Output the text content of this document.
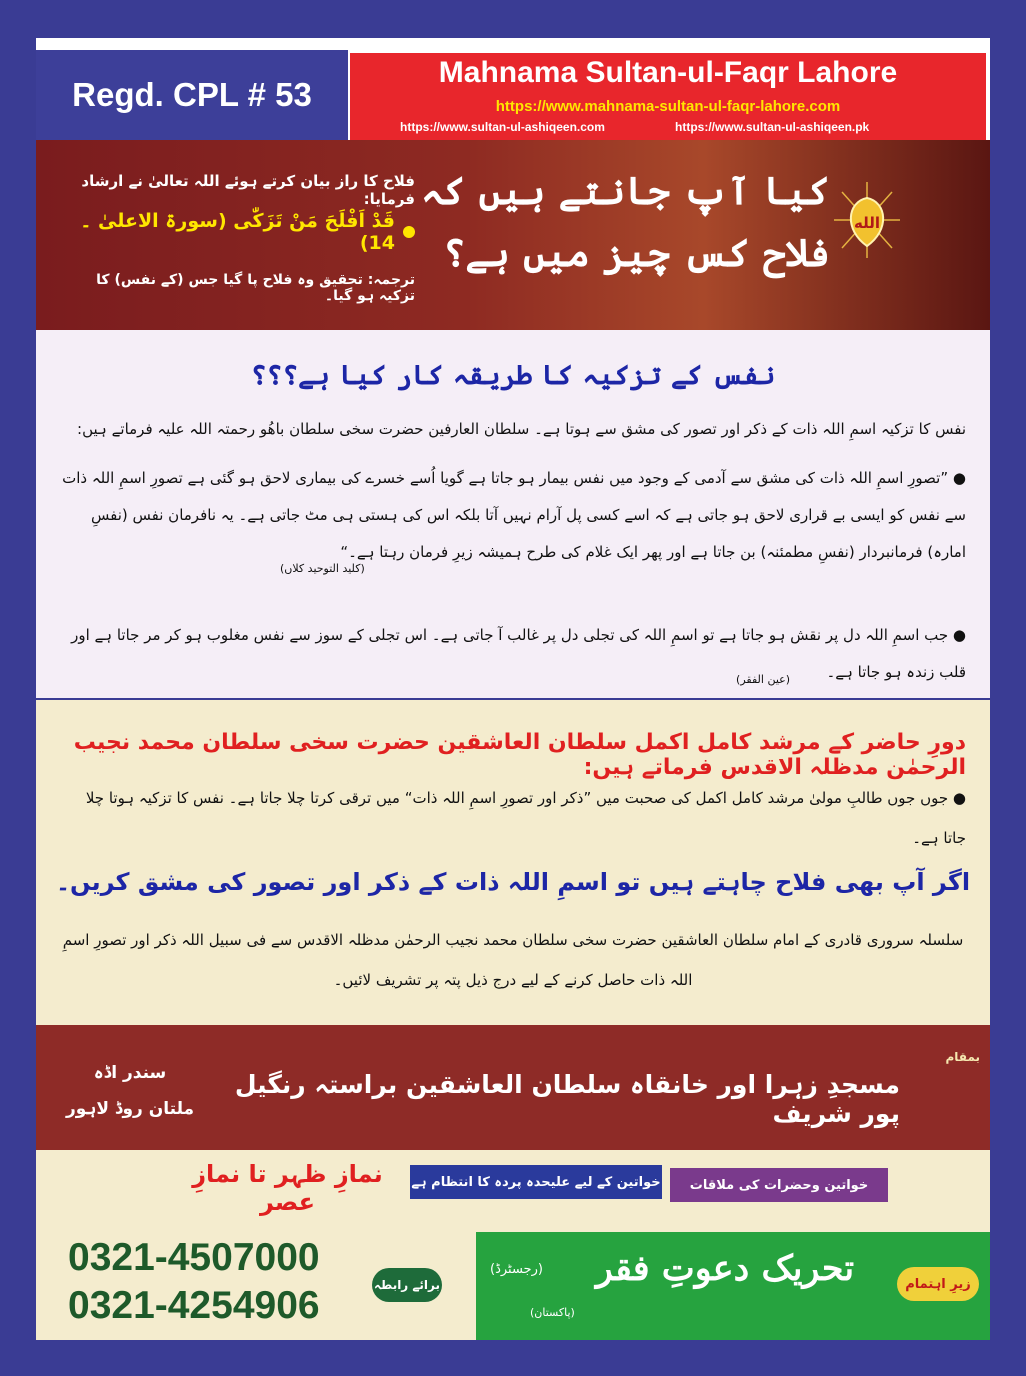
Regd. CPL # 53
Mahnama Sultan-ul-Faqr Lahore
https://www.mahnama-sultan-ul-faqr-lahore.com
https://www.sultan-ul-ashiqeen.com	https://www.sultan-ul-ashiqeen.pk
الله
کیا آپ جانتے ہیں کہ فلاح کس چیز میں ہے؟
فلاح کا راز بیان کرتے ہوئے اللہ تعالیٰ نے ارشاد فرمایا:
قَدْ اَفْلَحَ مَنْ تَزَكّٰى (سورۃ الاعلیٰ ۔14)
ترجمہ: تحقیق وہ فلاح پا گیا جس (کے نفس) کا تزکیہ ہو گیا۔
نفس کے تزکیہ کا طریقہ کار کیا ہے؟؟؟
نفس کا تزکیہ اسمِ اللہ ذات کے ذکر اور تصور کی مشق سے ہوتا ہے۔ سلطان العارفین حضرت سخی سلطان باھُو رحمتہ اللہ علیہ فرماتے ہیں:
● ”تصورِ اسمِ اللہ ذات کی مشق سے آدمی کے وجود میں نفس بیمار ہو جاتا ہے گویا اُسے خسرے کی بیماری لاحق ہو گئی ہے تصورِ اسمِ اللہ ذات سے نفس کو ایسی بے قراری لاحق ہو جاتی ہے کہ اسے کسی پل آرام نہیں آتا بلکہ اس کی ہستی ہی مٹ جاتی ہے۔ یہ نافرمان نفس (نفسِ امارہ) فرمانبردار (نفسِ مطمئنہ) بن جاتا ہے اور پھر ایک غلام کی طرح ہمیشہ زیرِ فرمان رہتا ہے۔“
(کلید التوحید کلاں)
● جب اسمِ اللہ دل پر نقش ہو جاتا ہے تو اسمِ اللہ کی تجلی دل پر غالب آ جاتی ہے۔ اس تجلی کے سوز سے نفس مغلوب ہو کر مر جاتا ہے اور قلب زندہ ہو جاتا ہے۔
(عین الفقر)
دورِ حاضر کے مرشد کامل اکمل سلطان العاشقین حضرت سخی سلطان محمد نجیب الرحمٰن مدظلہ الاقدس فرماتے ہیں:
● جوں جوں طالبِ مولیٰ مرشد کامل اکمل کی صحبت میں ”ذکر اور تصورِ اسمِ اللہ ذات“ میں ترقی کرتا چلا جاتا ہے۔ نفس کا تزکیہ ہوتا چلا جاتا ہے۔
اگر آپ بھی فلاح چاہتے ہیں تو اسمِ اللہ ذات کے ذکر اور تصور کی مشق کریں۔
سلسلہ سروری قادری کے امام سلطان العاشقین حضرت سخی سلطان محمد نجیب الرحمٰن مدظلہ الاقدس سے فی سبیل اللہ ذکر اور تصورِ اسمِ اللہ ذات حاصل کرنے کے لیے درج ذیل پتہ پر تشریف لائیں۔
بمقام
مسجدِ زہرا اور خانقاہ سلطان العاشقین براستہ رنگیل پور شریف
سندر اڈہ
ملتان روڈ لاہور
خواتین وحضرات کی ملاقات
خواتین کے لیے علیحدہ پردہ کا انتظام ہے
نمازِ ظہر تا نمازِ عصر
0321-4507000
0321-4254906	برائے رابطہ	زیرِ اہتمام
تحریک دعوتِ فقر
(رجسٹرڈ)
(پاکستان)
